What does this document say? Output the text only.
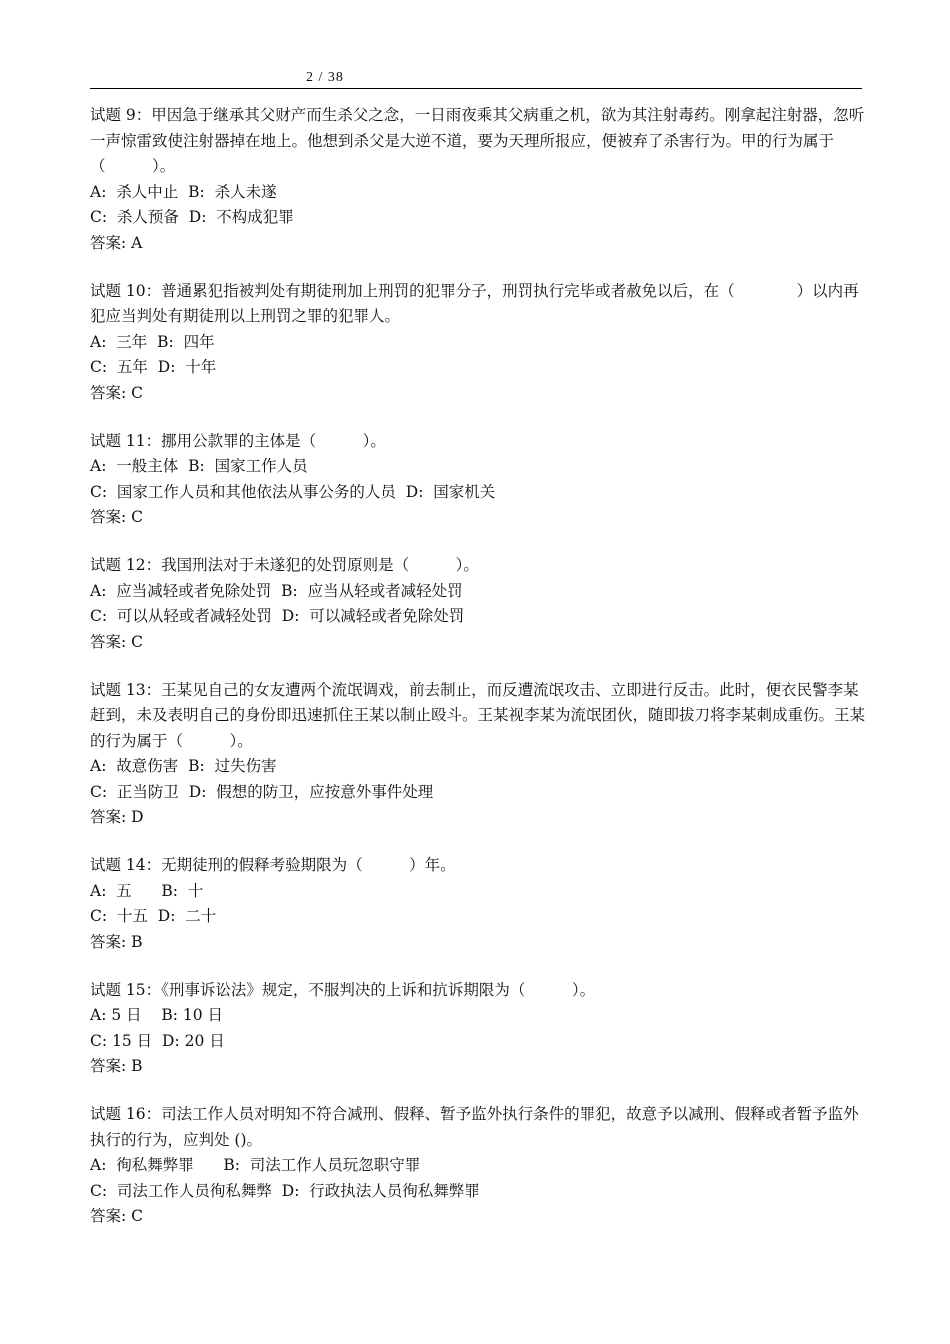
2 / 38
试题 9：甲因急于继承其父财产而生杀父之念，一日雨夜乘其父病重之机，欲为其注射毒药。刚拿起注射器，忽听一声惊雷致使注射器掉在地上。他想到杀父是大逆不道，要为天理所报应，便被弃了杀害行为。甲的行为属于（　　　）。
A:  杀人中止  B:  杀人未遂
C:  杀人预备  D:  不构成犯罪
答案: A
试题 10：普通累犯指被判处有期徒刑加上刑罚的犯罪分子，刑罚执行完毕或者赦免以后，在（　　　　）以内再犯应当判处有期徒刑以上刑罚之罪的犯罪人。
A:  三年  B:  四年
C:  五年  D:  十年
答案: C
试题 11：挪用公款罪的主体是（　　　）。
A:  一般主体  B:  国家工作人员
C:  国家工作人员和其他依法从事公务的人员  D:  国家机关
答案: C
试题 12：我国刑法对于未遂犯的处罚原则是（　　　）。
A:  应当减轻或者免除处罚  B:  应当从轻或者减轻处罚
C:  可以从轻或者减轻处罚  D:  可以减轻或者免除处罚
答案: C
试题 13：王某见自己的女友遭两个流氓调戏，前去制止，而反遭流氓攻击、立即进行反击。此时，便衣民警李某赶到，未及表明自己的身份即迅速抓住王某以制止殴斗。王某视李某为流氓团伙，随即拔刀将李某刺成重伤。王某的行为属于（　　　）。
A:  故意伤害  B:  过失伤害
C:  正当防卫  D:  假想的防卫，应按意外事件处理
答案: D
试题 14：无期徒刑的假释考验期限为（　　　）年。
A:  五      B:  十
C:  十五  D:  二十
答案: B
试题 15：《刑事诉讼法》规定，不服判决的上诉和抗诉期限为（　　　）。
A: 5 日    B: 10 日
C: 15 日  D: 20 日
答案: B
试题 16：司法工作人员对明知不符合减刑、假释、暂予监外执行条件的罪犯，故意予以减刑、假释或者暂予监外执行的行为，应判处 ()。
A:  徇私舞弊罪      B:  司法工作人员玩忽职守罪
C:  司法工作人员徇私舞弊  D:  行政执法人员徇私舞弊罪
答案: C
